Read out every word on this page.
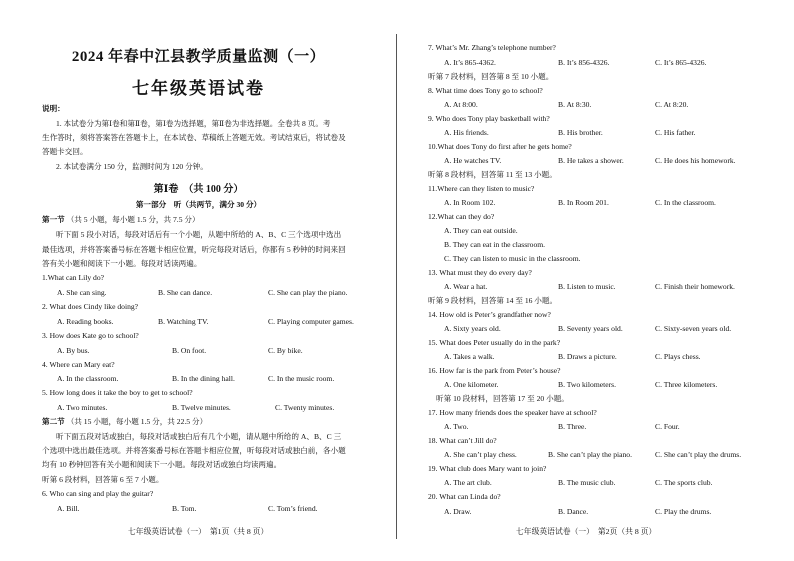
2024 年春中江县教学质量监测（一）
七年级英语试卷
说明：
1. 本试卷分为第Ⅰ卷和第Ⅱ卷，第Ⅰ卷为选择题，第Ⅱ卷为非选择题。全卷共 8 页。考
生作答时，须将答案答在答题卡上，在本试卷、草稿纸上答题无效。考试结束后，将试卷及
答题卡交回。
2. 本试卷满分 150 分，监测时间为 120 分钟。
第Ⅰ卷　（共 100 分）
第一部分　听（共两节，满分 30 分）
第一节 （共 5 小题，每小题 1.5 分，共 7.5 分）
听下面 5 段小对话，每段对话后有一个小题，从题中所给的 A、B、C 三个选项中选出
最佳选项，并将答案番号标在答题卡相应位置，听完每段对话后，你都有 5 秒钟的时间来回
答有关小题和阅读下一小题。每段对话读两遍。
1.What can Lily do?
A. She can sing.	B. She can dance.	C. She can play the piano.
2. What does Cindy like doing?
A. Reading books.	B. Watching TV.	C. Playing computer games.
3. How does Kate go to school?
A. By bus.	B. On foot.	C. By bike.
4. Where can Mary eat?
A. In the classroom.	B. In the dining hall.	C. In the music room.
5. How long does it take the boy to get to school?
A. Two minutes.	B. Twelve minutes.	C. Twenty minutes.
第二节 （共 15 小题，每小题 1.5 分，共 22.5 分）
听下面五段对话或独白，每段对话或独白后有几个小题，请从题中所给的 A、B、C 三
个选项中选出最佳选项。并将答案番号标在答题卡相应位置，听每段对话或独白前，各小题
均有 10 秒钟回答有关小题和阅读下一小题。每段对话或独白均读两遍。
听第 6 段材料，回答第 6 至 7 小题。
6. Who can sing and play the guitar?
A. Bill.	B. Tom.	C. Tom’s friend.
七年级英语试卷（一）　第1页（共 8 页）
7. What’s Mr. Zhang’s telephone number?
A. It’s 865-4362.	B. It’s 856-4326.	C. It’s 865-4326.
听第 7 段材料，回答第 8 至 10 小题。
8. What time does Tony go to school?
A. At 8:00.	B. At 8:30.	C. At 8:20.
9. Who does Tony play basketball with?
A. His friends.	B. His brother.	C. His father.
10.What does Tony do first after he gets home?
A. He watches TV.	B. He takes a shower.	C. He does his homework.
听第 8 段材料，回答第 11 至 13 小题。
11.Where can they listen to music?
A. In Room 102.	B. In Room 201.	C. In the classroom.
12.What can they do?
A. They can eat outside.
B. They can eat in the classroom.
C. They can listen to music in the classroom.
13. What must they do every day?
A. Wear a hat.	B. Listen to music.	C. Finish their homework.
听第 9 段材料，回答第 14 至 16 小题。
14. How old is Peter’s grandfather now?
A. Sixty years old.	B. Seventy years old.	C. Sixty-seven years old.
15. What does Peter usually do in the park?
A. Takes a walk.	B. Draws a picture.	C. Plays chess.
16. How far is the park from Peter’s house?
A. One kilometer.	B. Two kilometers.	C. Three kilometers.
听第 10 段材料，回答第 17 至 20 小题。
17. How many friends does the speaker have at school?
A. Two.	B. Three.	C. Four.
18. What can’t Jill do?
A. She can’t play chess.	B. She can’t play the piano.	C. She can’t play the drums.
19. What club does Mary want to join?
A. The art club.	B. The music club.	C. The sports club.
20. What can Linda do?
A. Draw.	B. Dance.	C. Play the drums.
七年级英语试卷（一）　第2页（共 8 页）
